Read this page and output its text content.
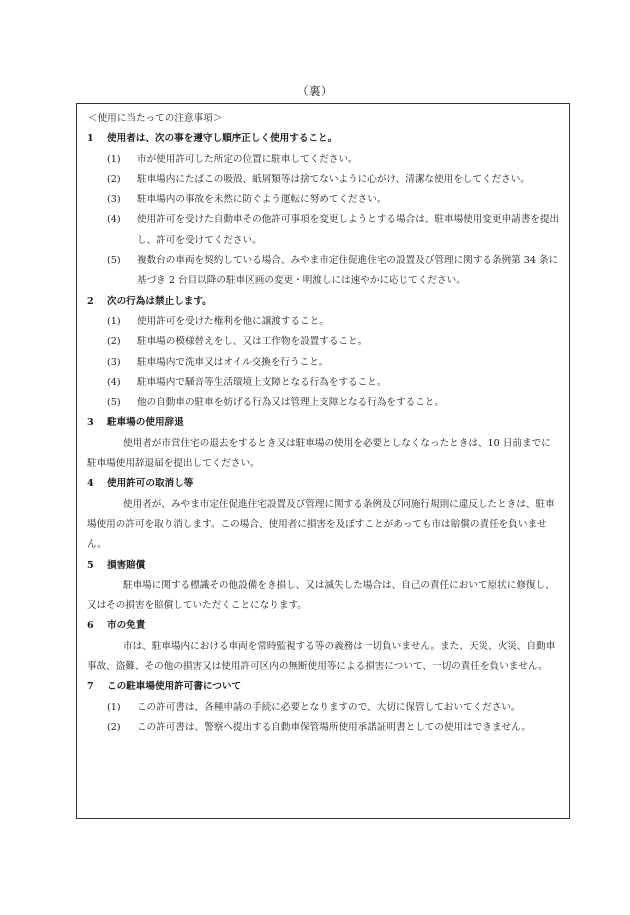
（裏）
＜使用に当たっての注意事項＞
1 使用者は、次の事を遵守し順序正しく使用すること。
(1)	市が使用許可した所定の位置に駐車してください。
(2)	駐車場内にたばこの吸殻、紙屑類等は捨てないように心がけ、清潔な使用をしてください。
(3)	駐車場内の事故を未然に防ぐよう運転に努めてください。
(4)	使用許可を受けた自動車その他許可事項を変更しようとする場合は、駐車場使用変更申請書を提出し、許可を受けてください。
(5)	複数台の車両を契約している場合、みやま市定住促進住宅の設置及び管理に関する条例第 34 条に基づき 2 台目以降の駐車区画の変更・明渡しには速やかに応じてください。
2 次の行為は禁止します。
(1)	使用許可を受けた権利を他に譲渡すること。
(2)	駐車場の模様替えをし、又は工作物を設置すること。
(3)	駐車場内で洗車又はオイル交換を行うこと。
(4)	駐車場内で騒音等生活環境上支障となる行為をすること。
(5)	他の自動車の駐車を妨げる行為又は管理上支障となる行為をすること。
3 駐車場の使用辞退
使用者が市営住宅の退去をするとき又は駐車場の使用を必要としなくなったときは、10 日前までに駐車場使用辞退届を提出してください。
4 使用許可の取消し等
使用者が、みやま市定住促進住宅設置及び管理に関する条例及び同施行規則に違反したときは、駐車場使用の許可を取り消します。この場合、使用者に損害を及ぼすことがあっても市は賠償の責任を負いません。
5 損害賠償
駐車場に関する標識その他設備をき損し、又は滅失した場合は、自己の責任において原状に修復し、又はその損害を賠償していただくことになります。
6 市の免責
市は、駐車場内における車両を常時監視する等の義務は一切負いません。また、天災、火災、自動車事故、盗難、その他の損害又は使用許可区内の無断使用等による損害について、一切の責任を負いません。
7 この駐車場使用許可書について
(1)	この許可書は、各種申請の手続に必要となりますので、大切に保管しておいてください。
(2)	この許可書は、警察へ提出する自動車保管場所使用承諾証明書としての使用はできません。
